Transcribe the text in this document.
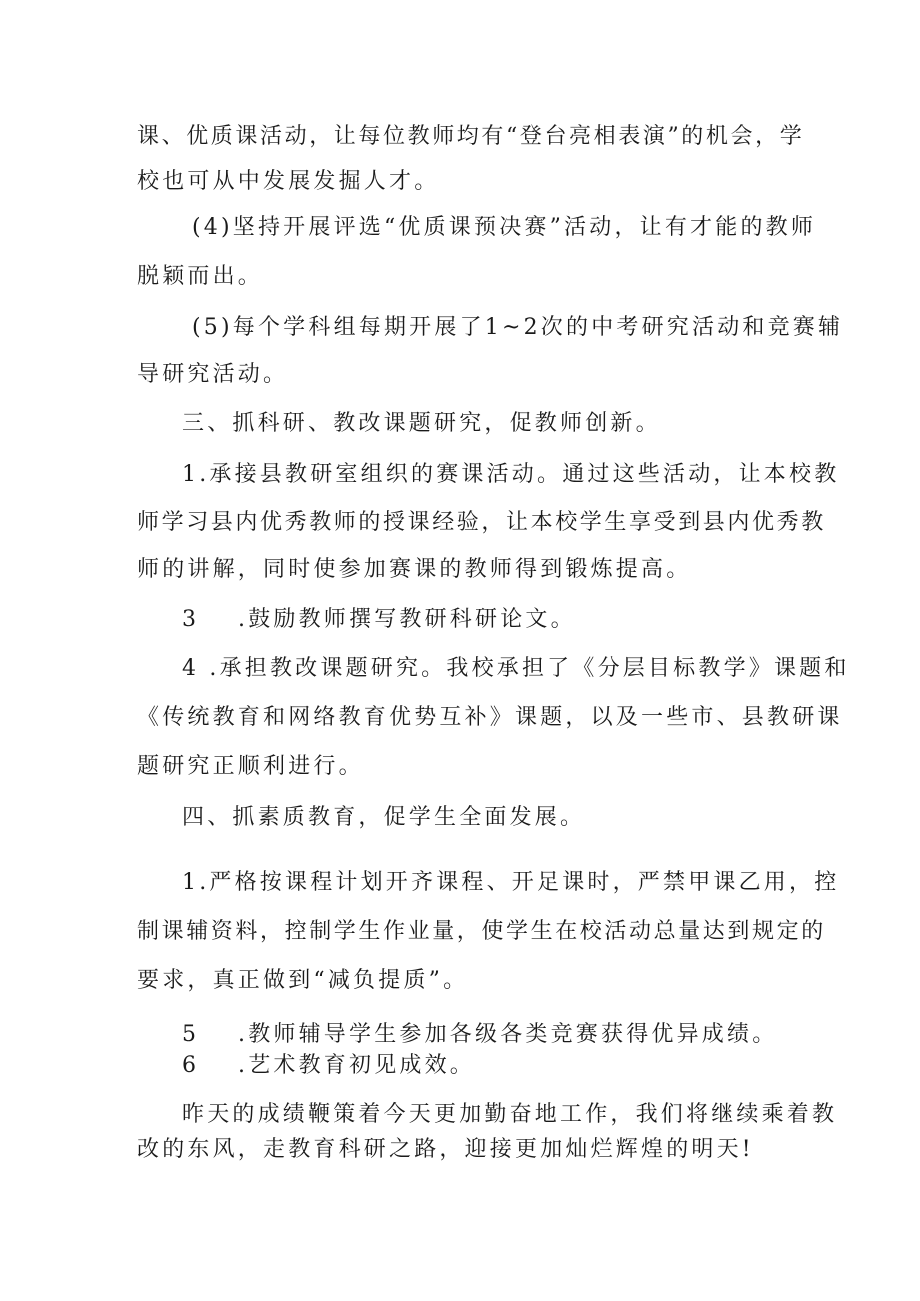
课、优质课活动，让每位教师均有“登台亮相表演”的机会，学
校也可从中发展发掘人才。
(4)坚持开展评选“优质课预决赛”活动，让有才能的教师
脱颖而出。
(5)每个学科组每期开展了1~2次的中考研究活动和竞赛辅
导研究活动。
三、抓科研、教改课题研究，促教师创新。
1.承接县教研室组织的赛课活动。通过这些活动，让本校教
师学习县内优秀教师的授课经验，让本校学生享受到县内优秀教
师的讲解，同时使参加赛课的教师得到锻炼提高。
3 .鼓励教师撰写教研科研论文。
4 .承担教改课题研究。我校承担了《分层目标教学》课题和
《传统教育和网络教育优势互补》课题，以及一些市、县教研课
题研究正顺利进行。
四、抓素质教育，促学生全面发展。
1.严格按课程计划开齐课程、开足课时，严禁甲课乙用，控
制课辅资料，控制学生作业量，使学生在校活动总量达到规定的
要求，真正做到“减负提质”。
5 .教师辅导学生参加各级各类竞赛获得优异成绩。
6 .艺术教育初见成效。
昨天的成绩鞭策着今天更加勤奋地工作，我们将继续乘着教
改的东风，走教育科研之路，迎接更加灿烂辉煌的明天!
